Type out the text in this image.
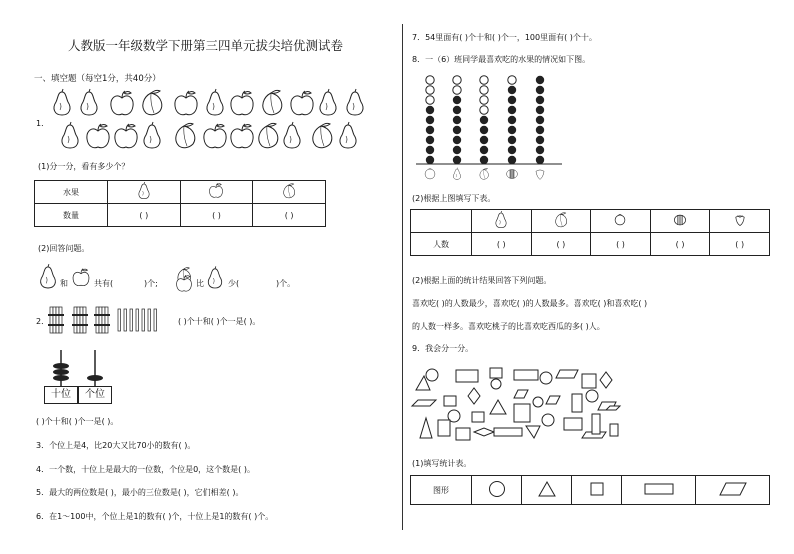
人教版一年级数学下册第三四单元拔尖培优测试卷
一、填空题（每空1分，共40分）
1．
(1)分一分，看有多少个？
水果			
数量	( )	( )	( )
(2)回答问题。
和	共有(	)个;	比	少(	)个。
2．	( )个十和( )个一是( )。
十位	个位
( )个十和( )个一是( )。
3．个位上是4，比20大又比70小的数有( )。
4．一个数，十位上是最大的一位数，个位是0，这个数是( )。
5．最大的两位数是( )，最小的三位数是( )，它们相差( )。
6．在1～100中，个位上是1的数有( )个，十位上是1的数有( )个。
7．54里面有( )个十和( )个一，100里面有( )个十。
8．一（6）班同学最喜欢吃的水果的情况如下图。
(2)根据上图填写下表。

人数	( )	( )	( )	( )	( )
(2)根据上面的统计结果回答下列问题。
喜欢吃( )的人数最少，喜欢吃( )的人数最多。喜欢吃( )和喜欢吃( )
的人数一样多。喜欢吃桃子的比喜欢吃西瓜的多( )人。
9．我会分一分。
(1)填写统计表。
图形					
